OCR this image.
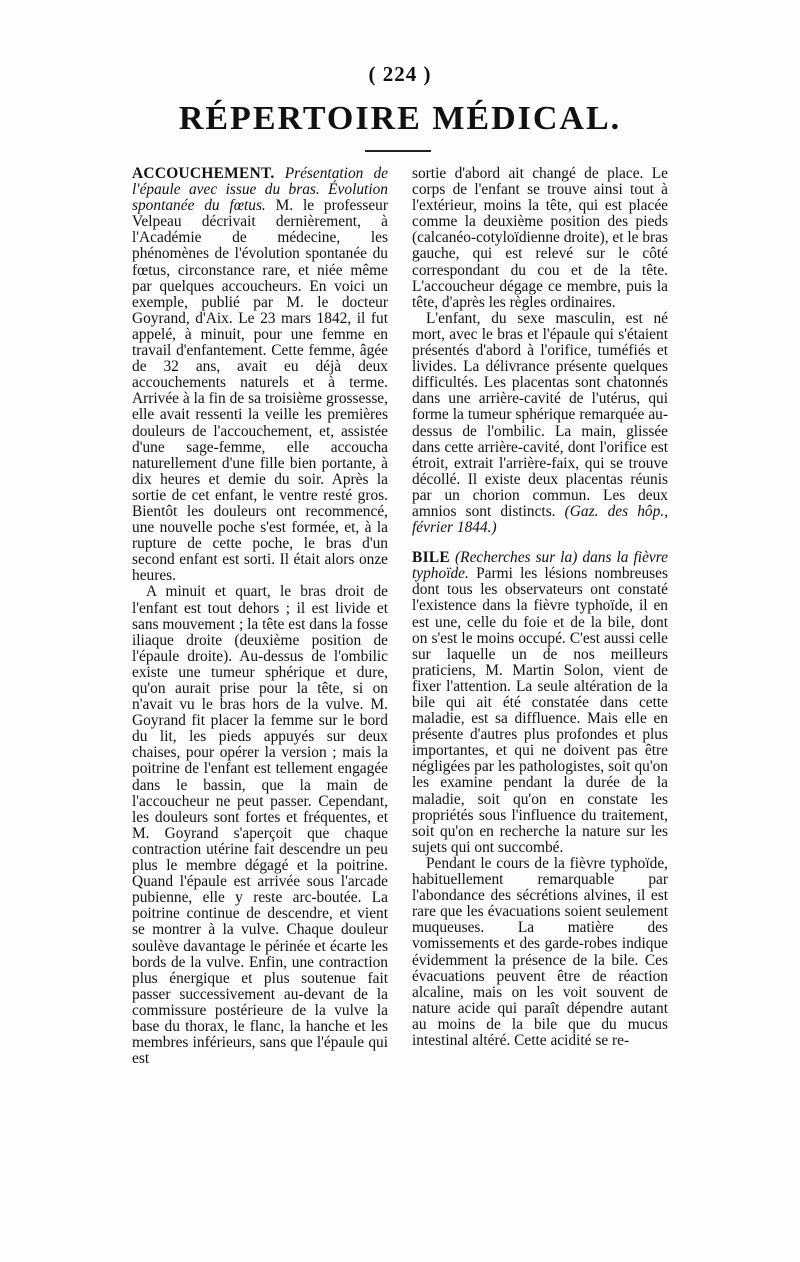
( 224 )
RÉPERTOIRE MÉDICAL.

ACCOUCHEMENT. Présentation de l'épaule avec issue du bras. Évolution spontanée du fœtus. M. le professeur Velpeau décrivait dernièrement, à l'Académie de médecine, les phénomènes de l'évolution spontanée du fœtus, circonstance rare, et niée même par quelques accoucheurs. En voici un exemple, publié par M. le docteur Goyrand, d'Aix. Le 23 mars 1842, il fut appelé, à minuit, pour une femme en travail d'enfantement. Cette femme, âgée de 32 ans, avait eu déjà deux accouchements naturels et à terme. Arrivée à la fin de sa troisième grossesse, elle avait ressenti la veille les premières douleurs de l'accouchement, et, assistée d'une sage-femme, elle accoucha naturellement d'une fille bien portante, à dix heures et demie du soir. Après la sortie de cet enfant, le ventre resté gros. Bientôt les douleurs ont recommencé, une nouvelle poche s'est formée, et, à la rupture de cette poche, le bras d'un second enfant est sorti. Il était alors onze heures.

A minuit et quart, le bras droit de l'enfant est tout dehors ; il est livide et sans mouvement ; la tête est dans la fosse iliaque droite (deuxième position de l'épaule droite). Au-dessus de l'ombilic existe une tumeur sphérique et dure, qu'on aurait prise pour la tête, si on n'avait vu le bras hors de la vulve. M. Goyrand fit placer la femme sur le bord du lit, les pieds appuyés sur deux chaises, pour opérer la version ; mais la poitrine de l'enfant est tellement engagée dans le bassin, que la main de l'accoucheur ne peut passer. Cependant, les douleurs sont fortes et fréquentes, et M. Goyrand s'aperçoit que chaque contraction utérine fait descendre un peu plus le membre dégagé et la poitrine. Quand l'épaule est arrivée sous l'arcade pubienne, elle y reste arc-boutée. La poitrine continue de descendre, et vient se montrer à la vulve. Chaque douleur soulève davantage le périnée et écarte les bords de la vulve. Enfin, une contraction plus énergique et plus soutenue fait passer successivement au-devant de la commissure postérieure de la vulve la base du thorax, le flanc, la hanche et les membres inférieurs, sans que l'épaule qui est

sortie d'abord ait changé de place. Le corps de l'enfant se trouve ainsi tout à l'extérieur, moins la tête, qui est placée comme la deuxième position des pieds (calcanéo-cotyloïdienne droite), et le bras gauche, qui est relevé sur le côté correspondant du cou et de la tête. L'accoucheur dégage ce membre, puis la tête, d'après les règles ordinaires.

L'enfant, du sexe masculin, est né mort, avec le bras et l'épaule qui s'étaient présentés d'abord à l'orifice, tuméfiés et livides. La délivrance présente quelques difficultés. Les placentas sont chatonnés dans une arrière-cavité de l'utérus, qui forme la tumeur sphérique remarquée au-dessus de l'ombilic. La main, glissée dans cette arrière-cavité, dont l'orifice est étroit, extrait l'arrière-faix, qui se trouve décollé. Il existe deux placentas réunis par un chorion commun. Les deux amnios sont distincts. (Gaz. des hôp., février 1844.)

BILE (Recherches sur la) dans la fièvre typhoïde. Parmi les lésions nombreuses dont tous les observateurs ont constaté l'existence dans la fièvre typhoïde, il en est une, celle du foie et de la bile, dont on s'est le moins occupé. C'est aussi celle sur laquelle un de nos meilleurs praticiens, M. Martin Solon, vient de fixer l'attention. La seule altération de la bile qui ait été constatée dans cette maladie, est sa diffluence. Mais elle en présente d'autres plus profondes et plus importantes, et qui ne doivent pas être négligées par les pathologistes, soit qu'on les examine pendant la durée de la maladie, soit qu'on en constate les propriétés sous l'influence du traitement, soit qu'on en recherche la nature sur les sujets qui ont succombé.

Pendant le cours de la fièvre typhoïde, habituellement remarquable par l'abondance des sécrétions alvines, il est rare que les évacuations soient seulement muqueuses. La matière des vomissements et des garde-robes indique évidemment la présence de la bile. Ces évacuations peuvent être de réaction alcaline, mais on les voit souvent de nature acide qui paraît dépendre autant au moins de la bile que du mucus intestinal altéré. Cette acidité se re-
